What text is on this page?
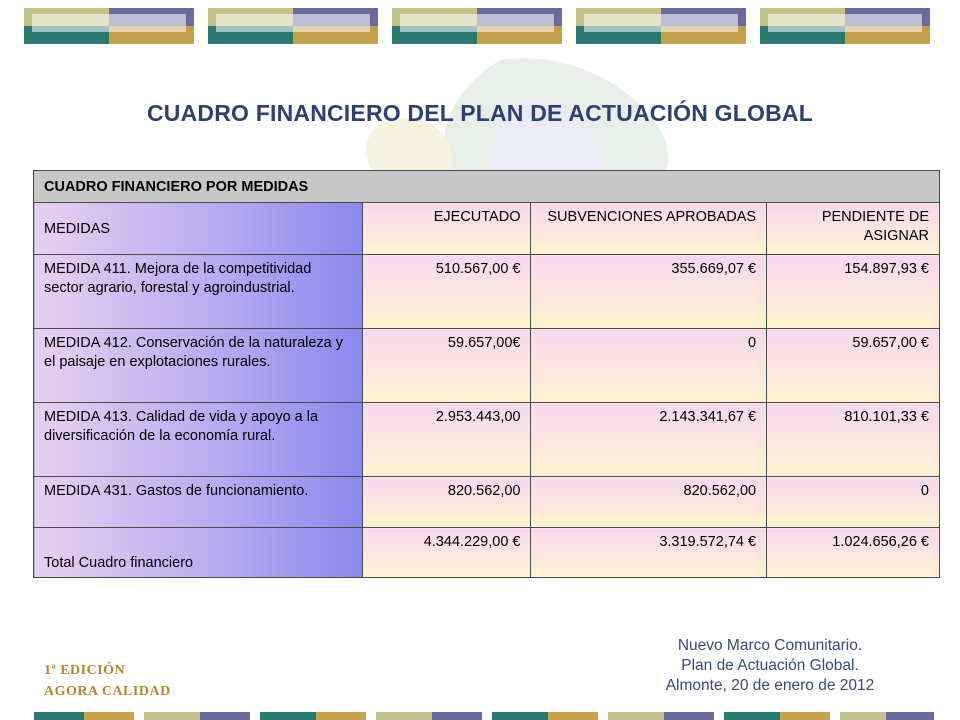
CUADRO FINANCIERO DEL PLAN DE ACTUACIÓN GLOBAL
CUADRO FINANCIERO POR MEDIDAS			
MEDIDAS	EJECUTADO	SUBVENCIONES APROBADAS	PENDIENTE DE ASIGNAR
MEDIDA 411. Mejora de la competitividad sector agrario, forestal y agroindustrial.	510.567,00 €	355.669,07 €	154.897,93 €
MEDIDA 412. Conservación de la naturaleza y el paisaje en explotaciones rurales.	59.657,00€	0	59.657,00 €
MEDIDA 413. Calidad de vida y apoyo a la diversificación de la economía rural.	2.953.443,00	2.143.341,67 €	810.101,33 €
MEDIDA 431. Gastos de funcionamiento.	820.562,00	820.562,00	0
Total Cuadro financiero	4.344.229,00 €	3.319.572,74 €	1.024.656,26 €
1ª EDICIÓN
AGORA CALIDAD
Nuevo Marco Comunitario.
Plan de Actuación Global.
Almonte, 20 de enero de 2012
